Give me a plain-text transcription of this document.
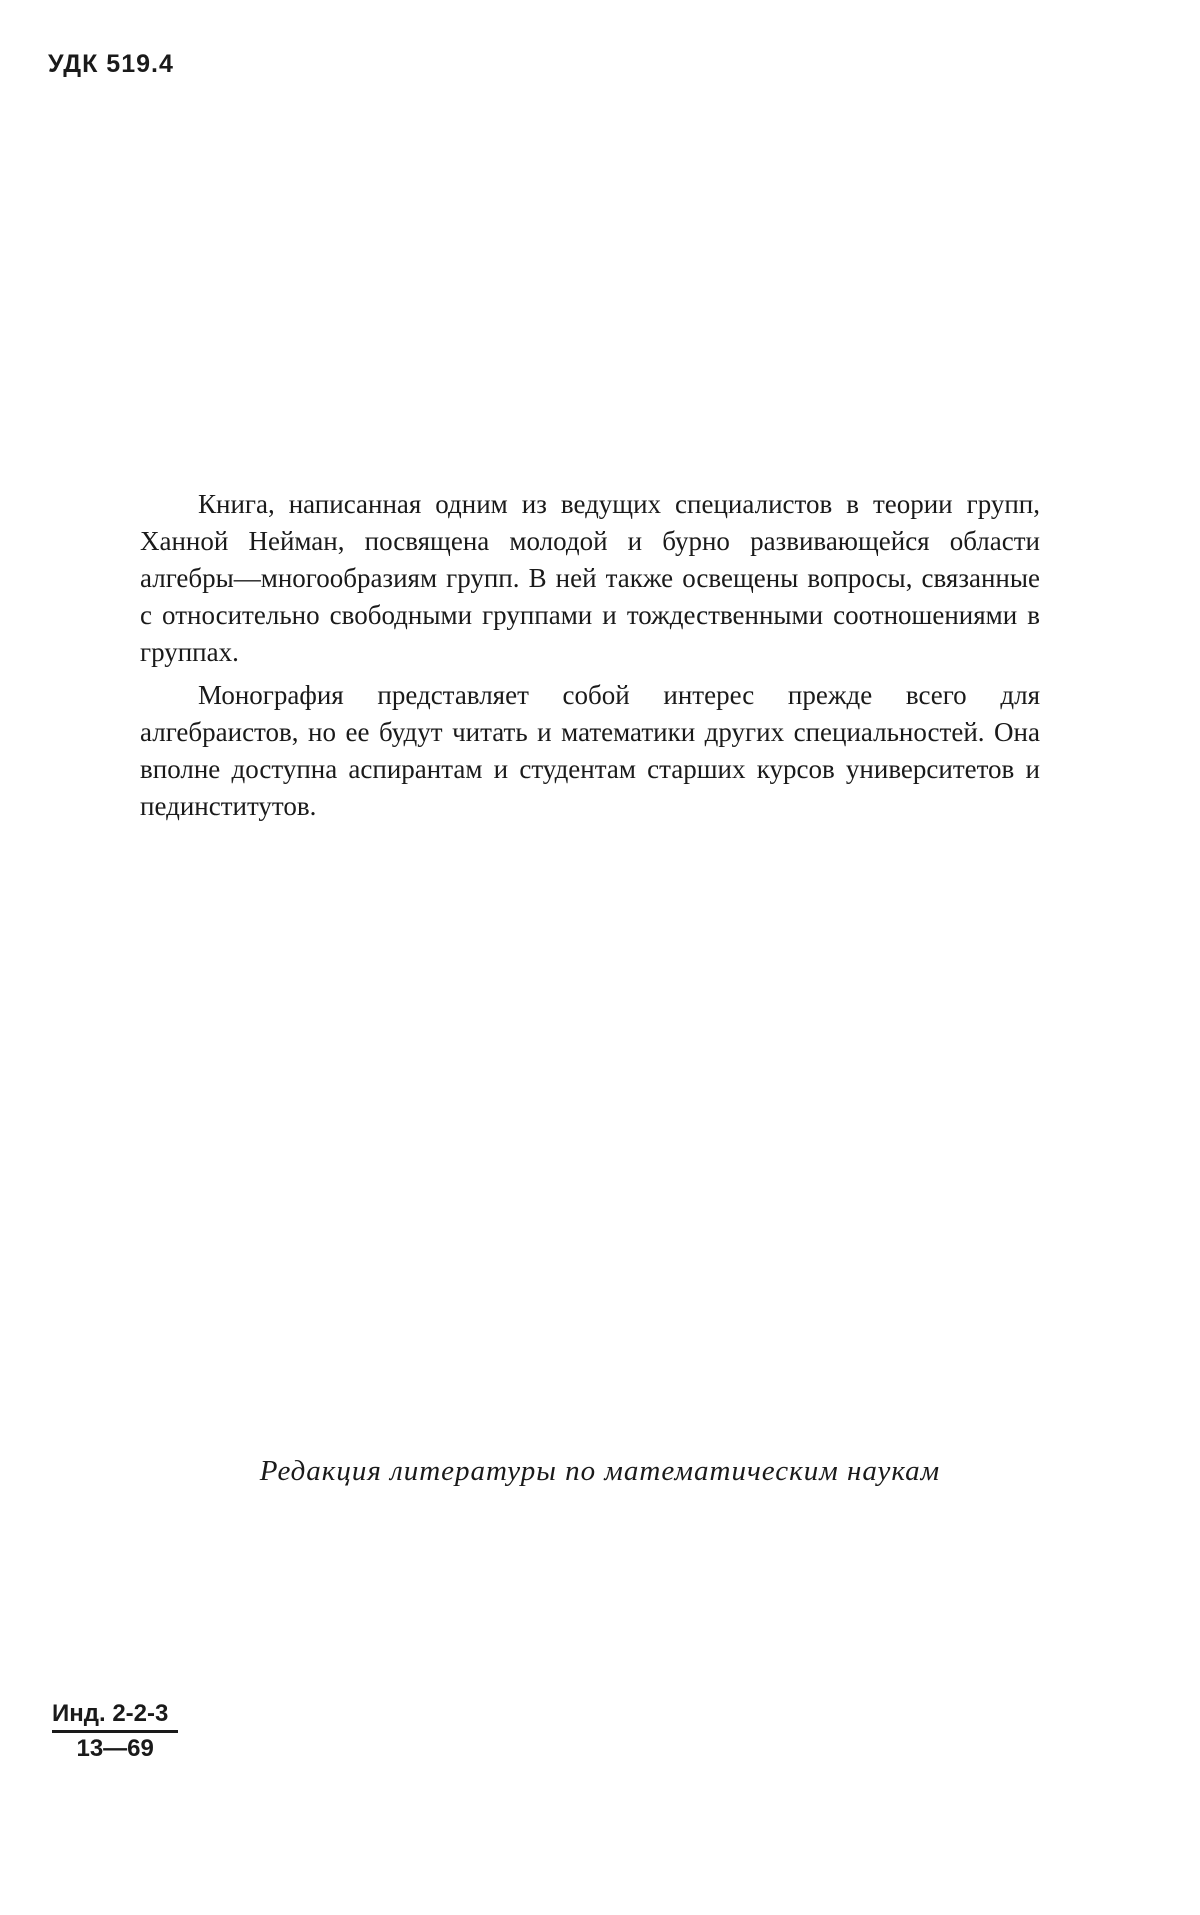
УДК 519.4

Книга, написанная одним из ведущих специалистов в теории групп, Ханной Нейман, посвящена молодой и бурно развивающейся области алгебры—многообразиям групп. В ней также освещены вопросы, связанные с относительно свободными группами и тождественными соотношениями в группах.

Монография представляет собой интерес прежде всего для алгебраистов, но ее будут читать и математики других специальностей. Она вполне доступна аспирантам и студентам старших курсов университетов и пединститутов.

Редакция литературы по математическим наукам
Инд. 2-2-3
13—69
